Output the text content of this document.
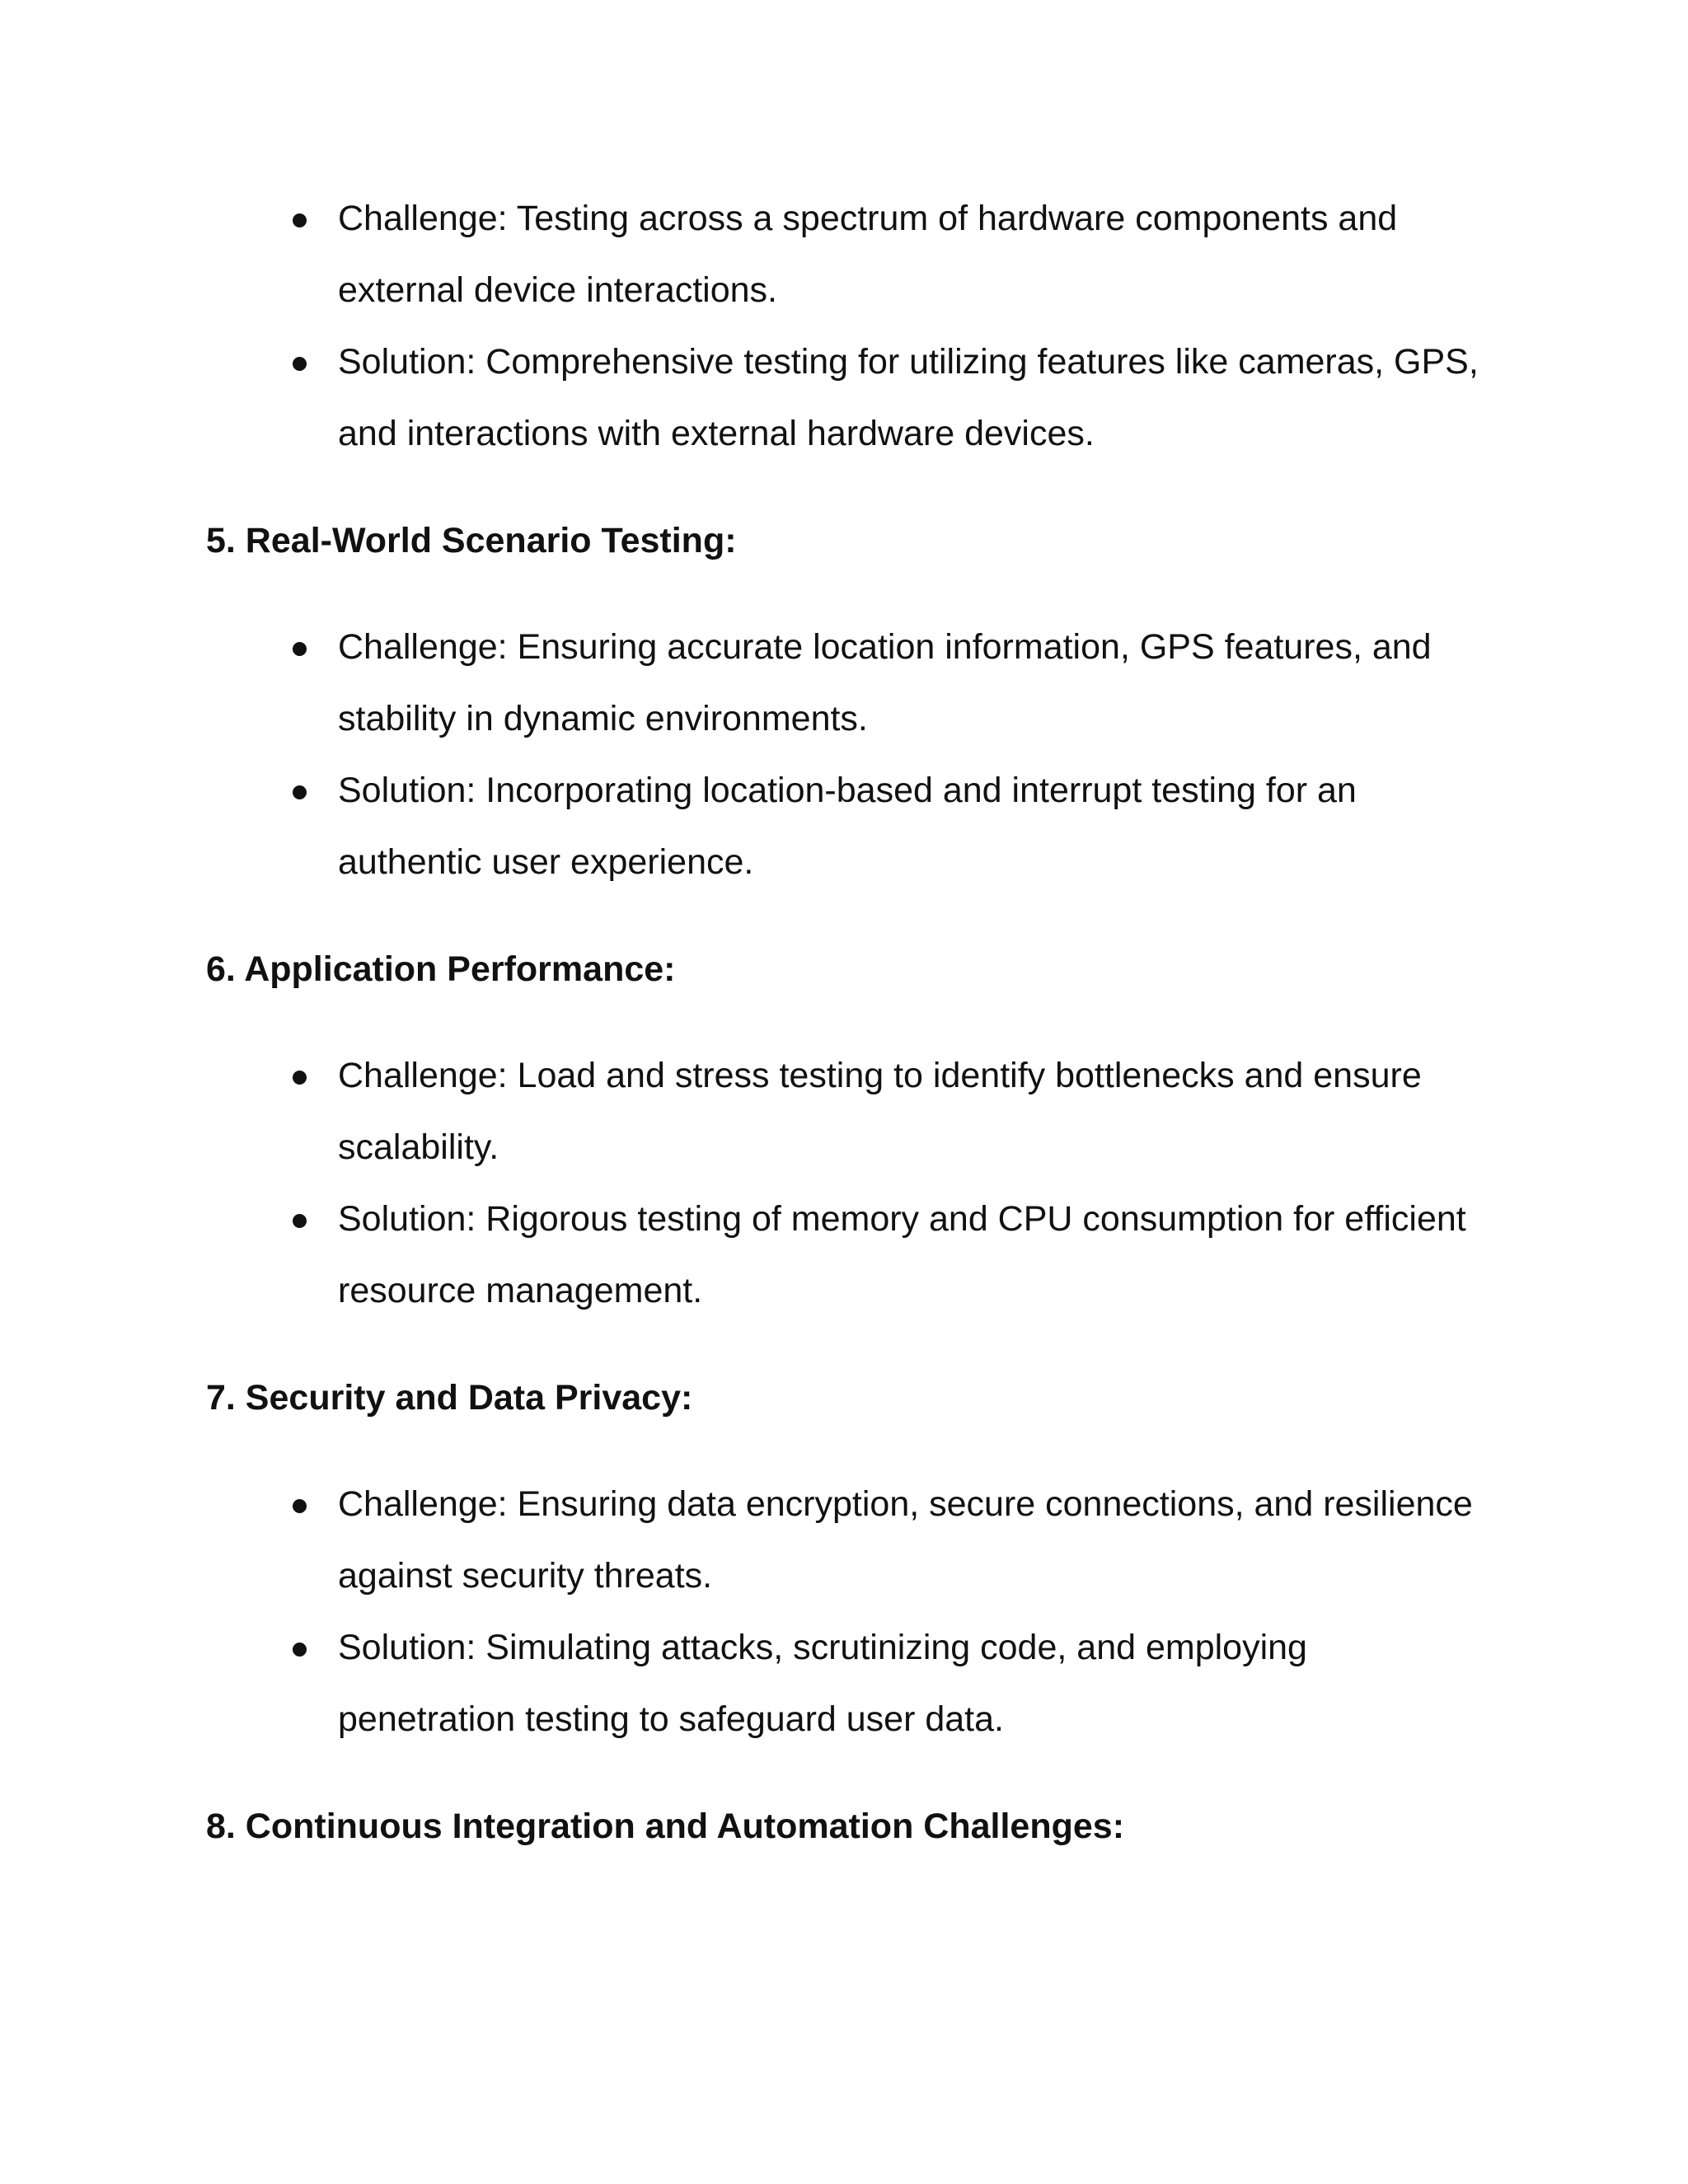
Challenge: Testing across a spectrum of hardware components and external device interactions.
Solution: Comprehensive testing for utilizing features like cameras, GPS, and interactions with external hardware devices.
5. Real-World Scenario Testing:
Challenge: Ensuring accurate location information, GPS features, and stability in dynamic environments.
Solution: Incorporating location-based and interrupt testing for an authentic user experience.
6. Application Performance:
Challenge: Load and stress testing to identify bottlenecks and ensure scalability.
Solution: Rigorous testing of memory and CPU consumption for efficient resource management.
7. Security and Data Privacy:
Challenge: Ensuring data encryption, secure connections, and resilience against security threats.
Solution: Simulating attacks, scrutinizing code, and employing penetration testing to safeguard user data.
8. Continuous Integration and Automation Challenges:
